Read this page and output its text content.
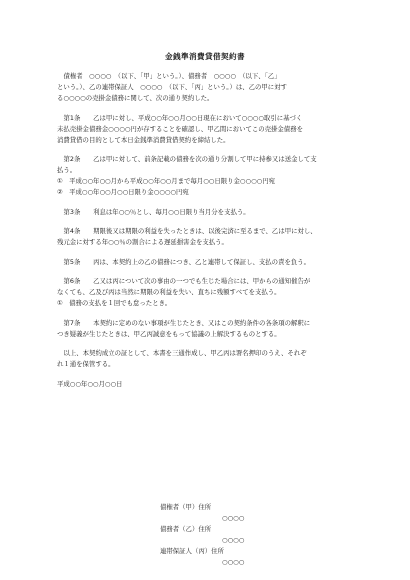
金銭準消費貸借契約書
債権者　○○○○　（以下、「甲」という。）、債務者　○○○○　（以下、「乙」
という。）、乙の連帯保証人　○○○○　（以下、「丙」という。）は、乙の甲に対す
る○○○○の売掛金債務に関して、次の通り契約した。
第1条　　乙は甲に対し、平成○○年○○月○○日現在において○○○○取引に基づく
未払売掛金債務金○○○○円が存することを確認し、甲乙間においてこの売掛金債務を
消費貸借の目的として本日金銭準消費貸借契約を締結した。
第2条　　乙は甲に対して、前条記載の債務を次の通り分割して甲に持参又は送金して支
払う。
①　平成○○年○○月から平成○○年○○月まで毎月○○日限り金○○○○円宛
②　平成○○年○○月○○日限り金○○○○円宛
第3条　　利息は年○○％とし、毎月○○日限り当月分を支払う。
第4条　　期限後又は期限の利益を失ったときは、以後完済に至るまで、乙は甲に対し、
残元金に対する年○○％の割合による遅延損害金を支払う。
第5条　　丙は、本契約上の乙の債務につき、乙と連帯して保証し、支払の責を負う。
第6条　　乙又は丙について次の事由の一つでも生じた場合には、甲からの通知催告が
なくても、乙及び丙は当然に期限の利益を失い、直ちに残額すべてを支払う。
①　債務の支払を１回でも怠ったとき。
第7条　　本契約に定めのない事項が生じたとき、又はこの契約条件の各条項の解釈に
つき疑義が生じたときは、甲乙丙誠意をもって協議の上解決するものとする。
以上、本契約成立の証として、本書を三通作成し、甲乙丙は署名押印のうえ、それぞ
れ１通を保管する。
平成○○年○○月○○日
債権者（甲）住所
○○○○
債務者（乙）住所
○○○○
連帯保証人（丙）住所
○○○○
